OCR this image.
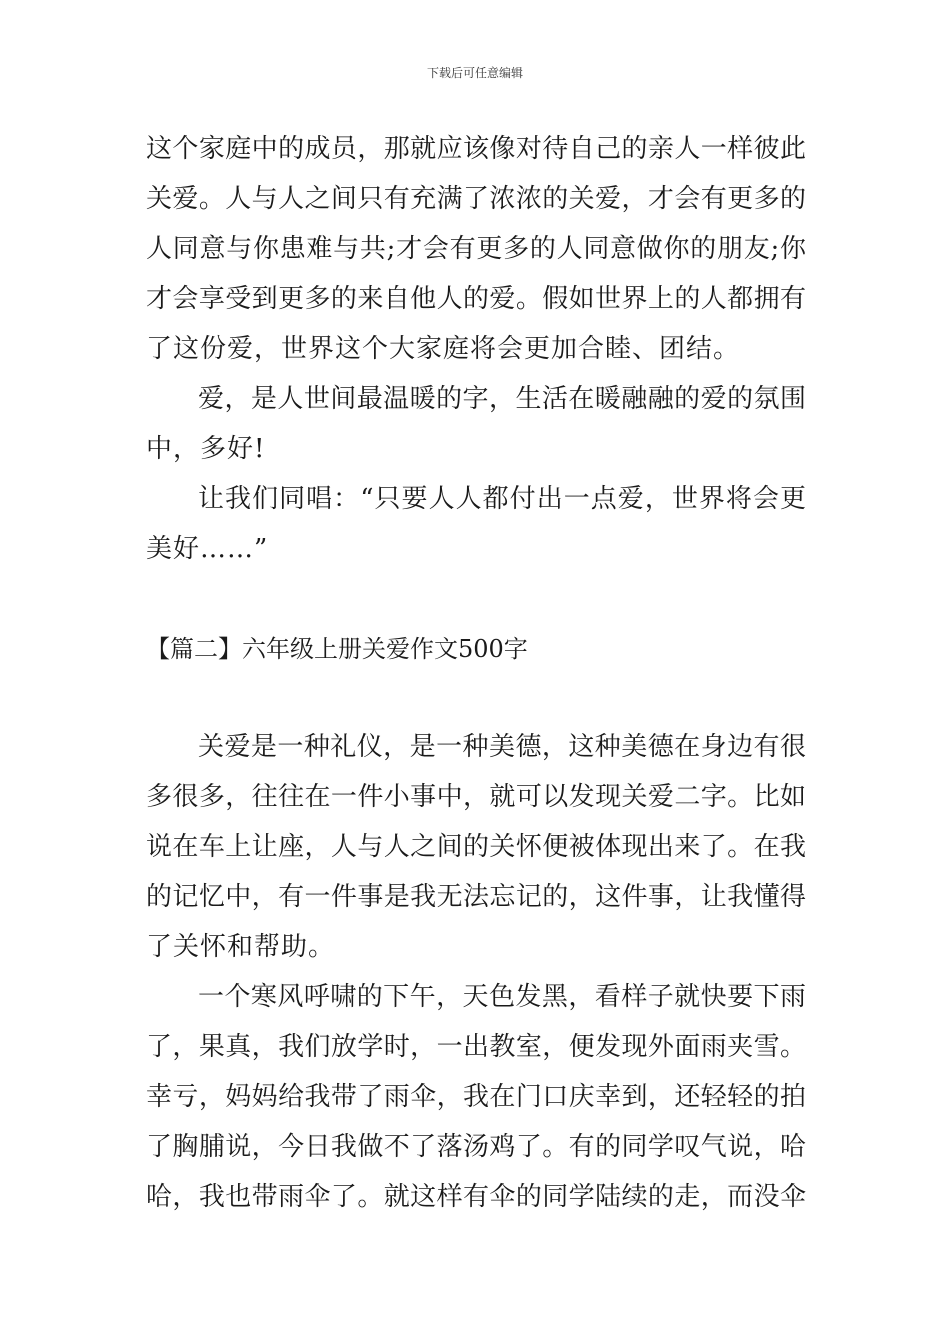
下载后可任意编辑
这个家庭中的成员，那就应该像对待自己的亲人一样彼此
关爱。人与人之间只有充满了浓浓的关爱，才会有更多的
人同意与你患难与共;才会有更多的人同意做你的朋友;你
才会享受到更多的来自他人的爱。假如世界上的人都拥有
了这份爱，世界这个大家庭将会更加合睦、团结。
爱，是人世间最温暖的字，生活在暖融融的爱的氛围
中，多好!
让我们同唱：“只要人人都付出一点爱，世界将会更
美好……”
【篇二】六年级上册关爱作文500字
关爱是一种礼仪，是一种美德，这种美德在身边有很
多很多，往往在一件小事中，就可以发现关爱二字。比如
说在车上让座，人与人之间的关怀便被体现出来了。在我
的记忆中，有一件事是我无法忘记的，这件事，让我懂得
了关怀和帮助。
一个寒风呼啸的下午，天色发黑，看样子就快要下雨
了，果真，我们放学时，一出教室，便发现外面雨夹雪。
幸亏，妈妈给我带了雨伞，我在门口庆幸到，还轻轻的拍
了胸脯说，今日我做不了落汤鸡了。有的同学叹气说，哈
哈，我也带雨伞了。就这样有伞的同学陆续的走，而没伞
